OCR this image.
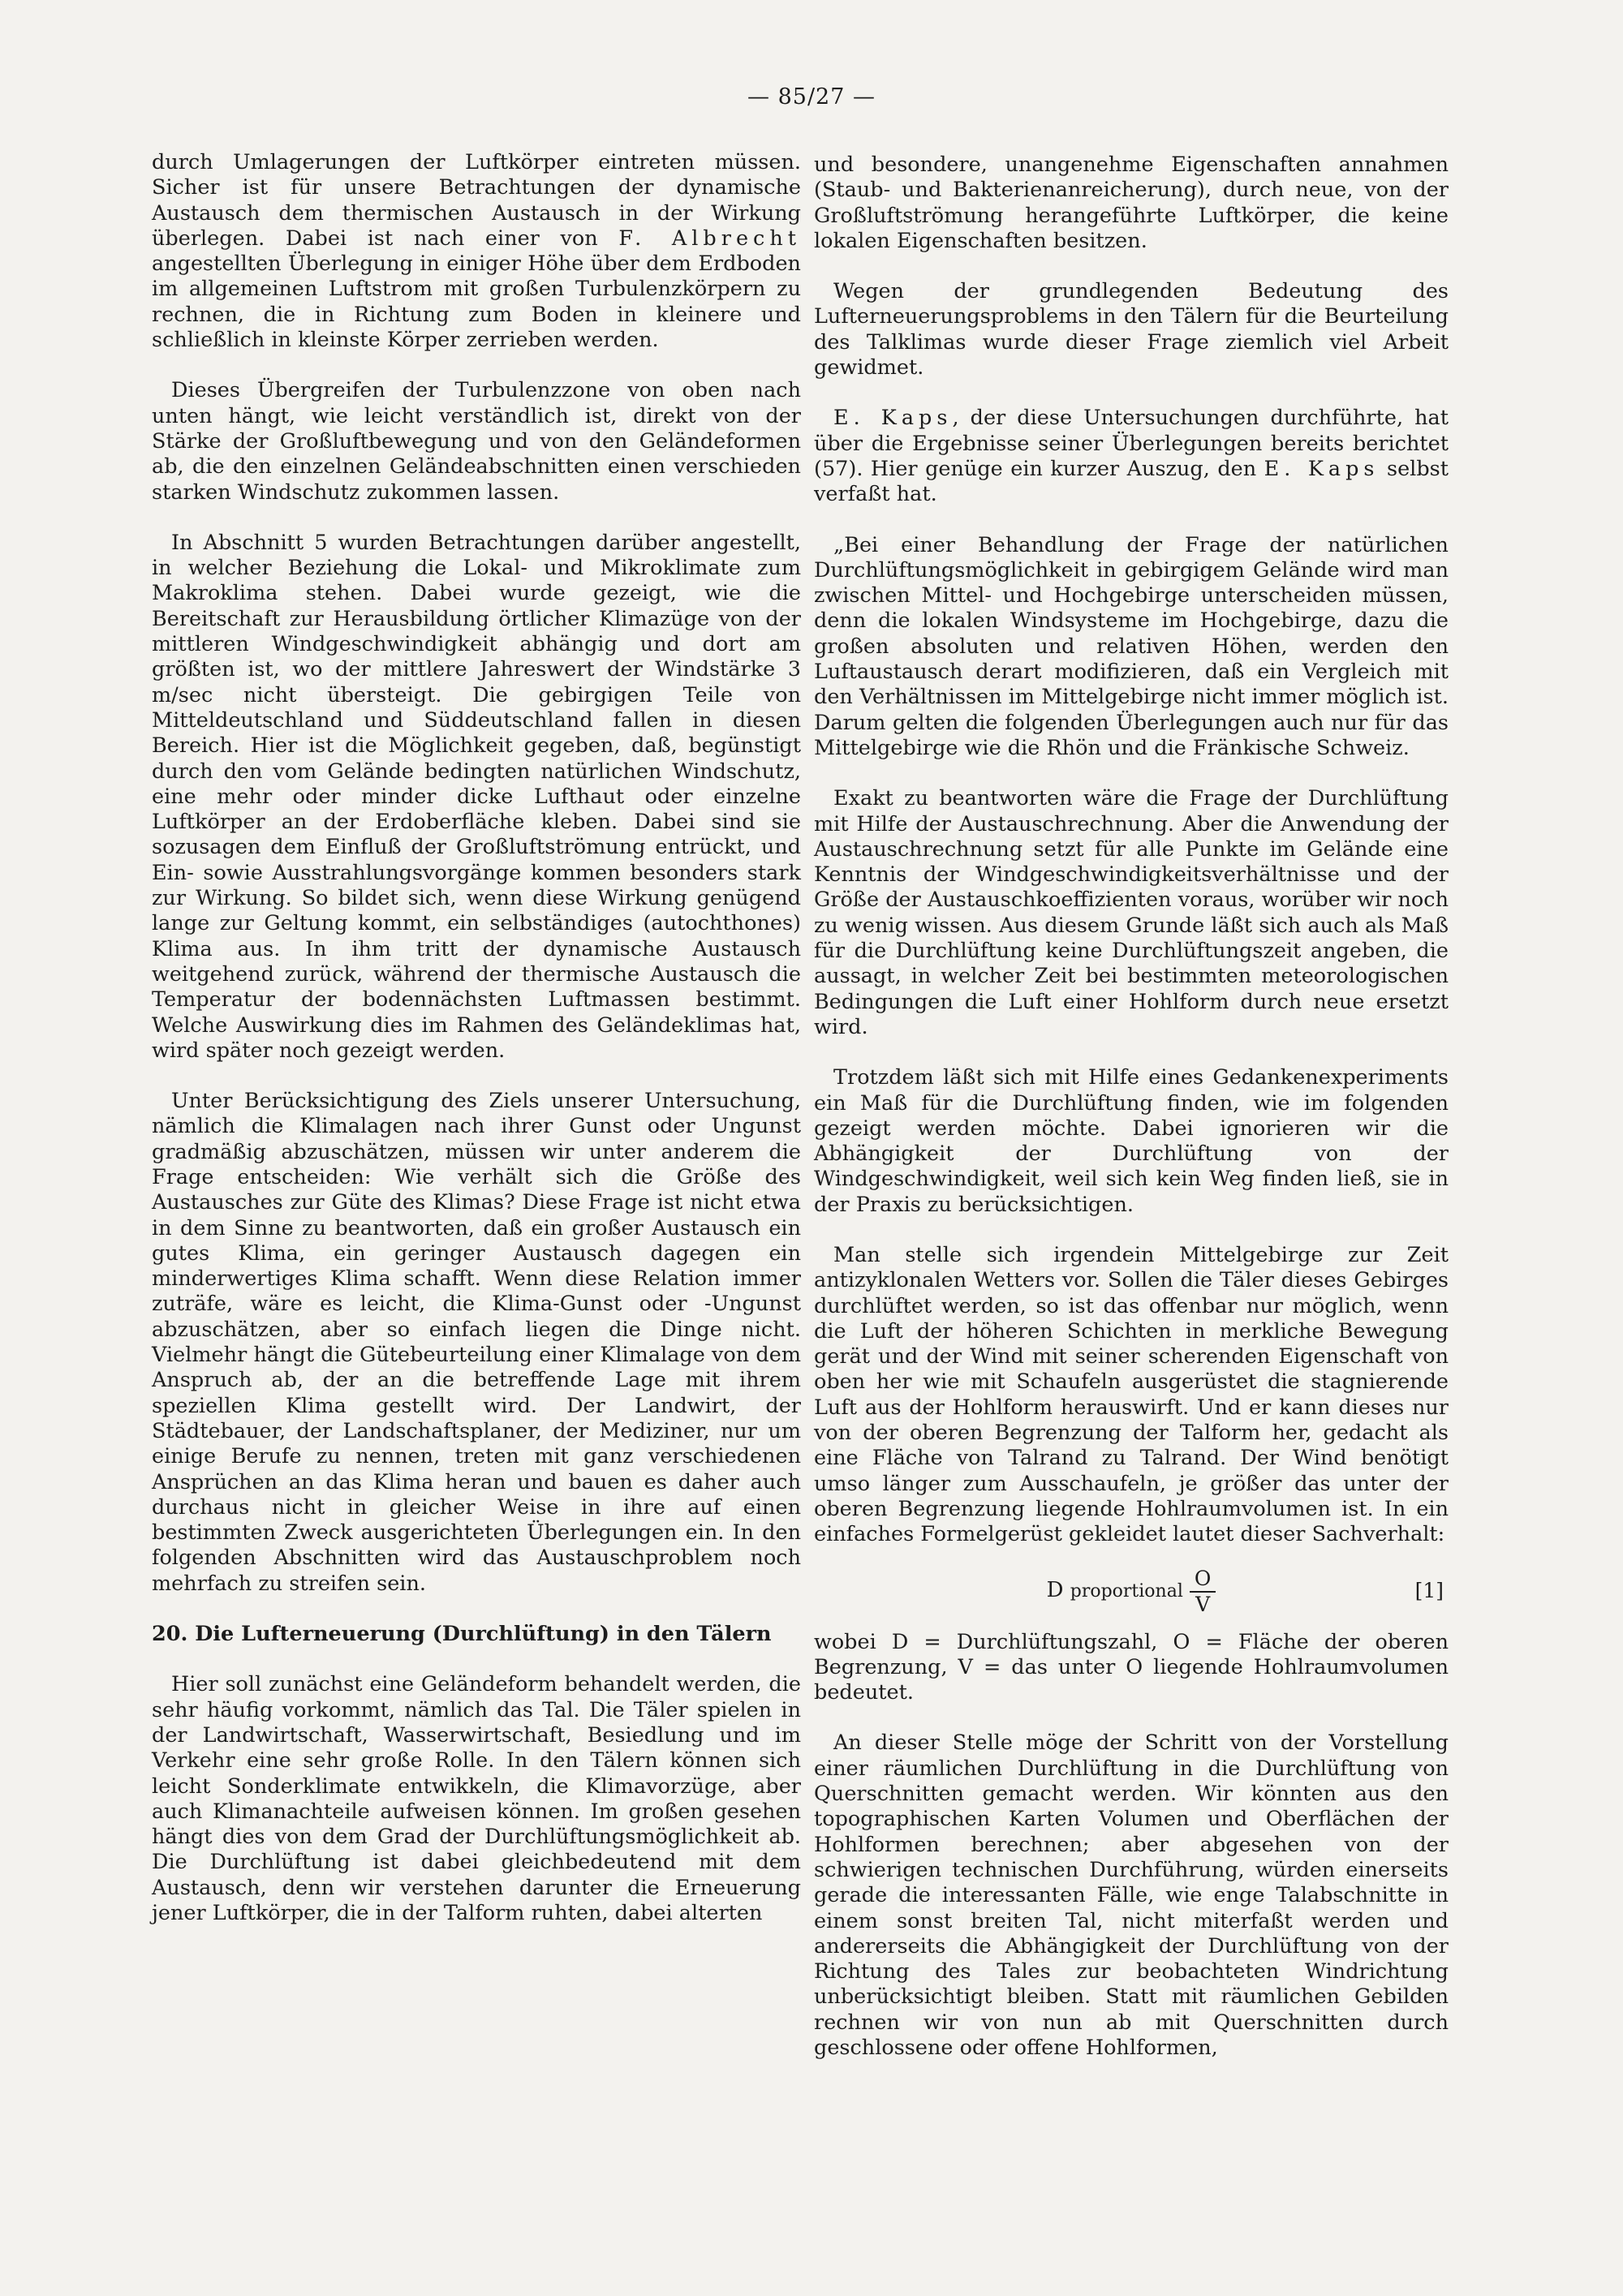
— 85/27 —

durch Umlagerungen der Luftkörper eintreten müssen. Sicher ist für unsere Betrachtungen der dynamische Austausch dem thermischen Austausch in der Wirkung überlegen. Dabei ist nach einer von F. Albrecht angestellten Überlegung in einiger Höhe über dem Erdboden im allgemeinen Luftstrom mit großen Turbulenzkörpern zu rechnen, die in Richtung zum Boden in kleinere und schließlich in kleinste Körper zerrieben werden.

Dieses Übergreifen der Turbulenzzone von oben nach unten hängt, wie leicht verständlich ist, direkt von der Stärke der Großluftbewegung und von den Geländeformen ab, die den einzelnen Geländeabschnitten einen verschieden starken Windschutz zukommen lassen.

In Abschnitt 5 wurden Betrachtungen darüber angestellt, in welcher Beziehung die Lokal- und Mikroklimate zum Makroklima stehen. Dabei wurde gezeigt, wie die Bereitschaft zur Herausbildung örtlicher Klimazüge von der mittleren Windgeschwindigkeit abhängig und dort am größten ist, wo der mittlere Jahreswert der Windstärke 3 m/sec nicht übersteigt. Die gebirgigen Teile von Mitteldeutschland und Süddeutschland fallen in diesen Bereich. Hier ist die Möglichkeit gegeben, daß, begünstigt durch den vom Gelände bedingten natürlichen Windschutz, eine mehr oder minder dicke Lufthaut oder einzelne Luftkörper an der Erdoberfläche kleben. Dabei sind sie sozusagen dem Einfluß der Großluftströmung entrückt, und Ein- sowie Ausstrahlungsvorgänge kommen besonders stark zur Wirkung. So bildet sich, wenn diese Wirkung genügend lange zur Geltung kommt, ein selbständiges (autochthones) Klima aus. In ihm tritt der dynamische Austausch weitgehend zurück, während der thermische Austausch die Temperatur der bodennächsten Luftmassen bestimmt. Welche Auswirkung dies im Rahmen des Geländeklimas hat, wird später noch gezeigt werden.

Unter Berücksichtigung des Ziels unserer Untersuchung, nämlich die Klimalagen nach ihrer Gunst oder Ungunst gradmäßig abzuschätzen, müssen wir unter anderem die Frage entscheiden: Wie verhält sich die Größe des Austausches zur Güte des Klimas? Diese Frage ist nicht etwa in dem Sinne zu beantworten, daß ein großer Austausch ein gutes Klima, ein geringer Austausch dagegen ein minderwertiges Klima schafft. Wenn diese Relation immer zuträfe, wäre es leicht, die Klima-Gunst oder -Ungunst abzuschätzen, aber so einfach liegen die Dinge nicht. Vielmehr hängt die Gütebeurteilung einer Klimalage von dem Anspruch ab, der an die betreffende Lage mit ihrem speziellen Klima gestellt wird. Der Landwirt, der Städtebauer, der Landschaftsplaner, der Mediziner, nur um einige Berufe zu nennen, treten mit ganz verschiedenen Ansprüchen an das Klima heran und bauen es daher auch durchaus nicht in gleicher Weise in ihre auf einen bestimmten Zweck ausgerichteten Überlegungen ein. In den folgenden Abschnitten wird das Austauschproblem noch mehrfach zu streifen sein.

20. Die Lufterneuerung (Durchlüftung) in den Tälern

Hier soll zunächst eine Geländeform behandelt werden, die sehr häufig vorkommt, nämlich das Tal. Die Täler spielen in der Landwirtschaft, Wasserwirtschaft, Besiedlung und im Verkehr eine sehr große Rolle. In den Tälern können sich leicht Sonderklimate entwikkeln, die Klimavorzüge, aber auch Klimanachteile aufweisen können. Im großen gesehen hängt dies von dem Grad der Durchlüftungsmöglichkeit ab. Die Durchlüftung ist dabei gleichbedeutend mit dem Austausch, denn wir verstehen darunter die Erneuerung jener Luftkörper, die in der Talform ruhten, dabei alterten

und besondere, unangenehme Eigenschaften annahmen (Staub- und Bakterienanreicherung), durch neue, von der Großluftströmung herangeführte Luftkörper, die keine lokalen Eigenschaften besitzen.

Wegen der grundlegenden Bedeutung des Lufterneuerungsproblems in den Tälern für die Beurteilung des Talklimas wurde dieser Frage ziemlich viel Arbeit gewidmet.

E. Kaps, der diese Untersuchungen durchführte, hat über die Ergebnisse seiner Überlegungen bereits berichtet (57). Hier genüge ein kurzer Auszug, den E. Kaps selbst verfaßt hat.

„Bei einer Behandlung der Frage der natürlichen Durchlüftungsmöglichkeit in gebirgigem Gelände wird man zwischen Mittel- und Hochgebirge unterscheiden müssen, denn die lokalen Windsysteme im Hochgebirge, dazu die großen absoluten und relativen Höhen, werden den Luftaustausch derart modifizieren, daß ein Vergleich mit den Verhältnissen im Mittelgebirge nicht immer möglich ist. Darum gelten die folgenden Überlegungen auch nur für das Mittelgebirge wie die Rhön und die Fränkische Schweiz.

Exakt zu beantworten wäre die Frage der Durchlüftung mit Hilfe der Austauschrechnung. Aber die Anwendung der Austauschrechnung setzt für alle Punkte im Gelände eine Kenntnis der Windgeschwindigkeitsverhältnisse und der Größe der Austauschkoeffizienten voraus, worüber wir noch zu wenig wissen. Aus diesem Grunde läßt sich auch als Maß für die Durchlüftung keine Durchlüftungszeit angeben, die aussagt, in welcher Zeit bei bestimmten meteorologischen Bedingungen die Luft einer Hohlform durch neue ersetzt wird.

Trotzdem läßt sich mit Hilfe eines Gedankenexperiments ein Maß für die Durchlüftung finden, wie im folgenden gezeigt werden möchte. Dabei ignorieren wir die Abhängigkeit der Durchlüftung von der Windgeschwindigkeit, weil sich kein Weg finden ließ, sie in der Praxis zu berücksichtigen.

Man stelle sich irgendein Mittelgebirge zur Zeit antizyklonalen Wetters vor. Sollen die Täler dieses Gebirges durchlüftet werden, so ist das offenbar nur möglich, wenn die Luft der höheren Schichten in merkliche Bewegung gerät und der Wind mit seiner scherenden Eigenschaft von oben her wie mit Schaufeln ausgerüstet die stagnierende Luft aus der Hohlform herauswirft. Und er kann dieses nur von der oberen Begrenzung der Talform her, gedacht als eine Fläche von Talrand zu Talrand. Der Wind benötigt umso länger zum Ausschaufeln, je größer das unter der oberen Begrenzung liegende Hohlraumvolumen ist. In ein einfaches Formelgerüst gekleidet lautet dieser Sachverhalt:

D proportional $\frac{O}{V}$	[1]

wobei D = Durchlüftungszahl, O = Fläche der oberen Begrenzung, V = das unter O liegende Hohlraumvolumen bedeutet.

An dieser Stelle möge der Schritt von der Vorstellung einer räumlichen Durchlüftung in die Durchlüftung von Querschnitten gemacht werden. Wir könnten aus den topographischen Karten Volumen und Oberflächen der Hohlformen berechnen; aber abgesehen von der schwierigen technischen Durchführung, würden einerseits gerade die interessanten Fälle, wie enge Talabschnitte in einem sonst breiten Tal, nicht miterfaßt werden und andererseits die Abhängigkeit der Durchlüftung von der Richtung des Tales zur beobachteten Windrichtung unberücksichtigt bleiben. Statt mit räumlichen Gebilden rechnen wir von nun ab mit Querschnitten durch geschlossene oder offene Hohlformen,
